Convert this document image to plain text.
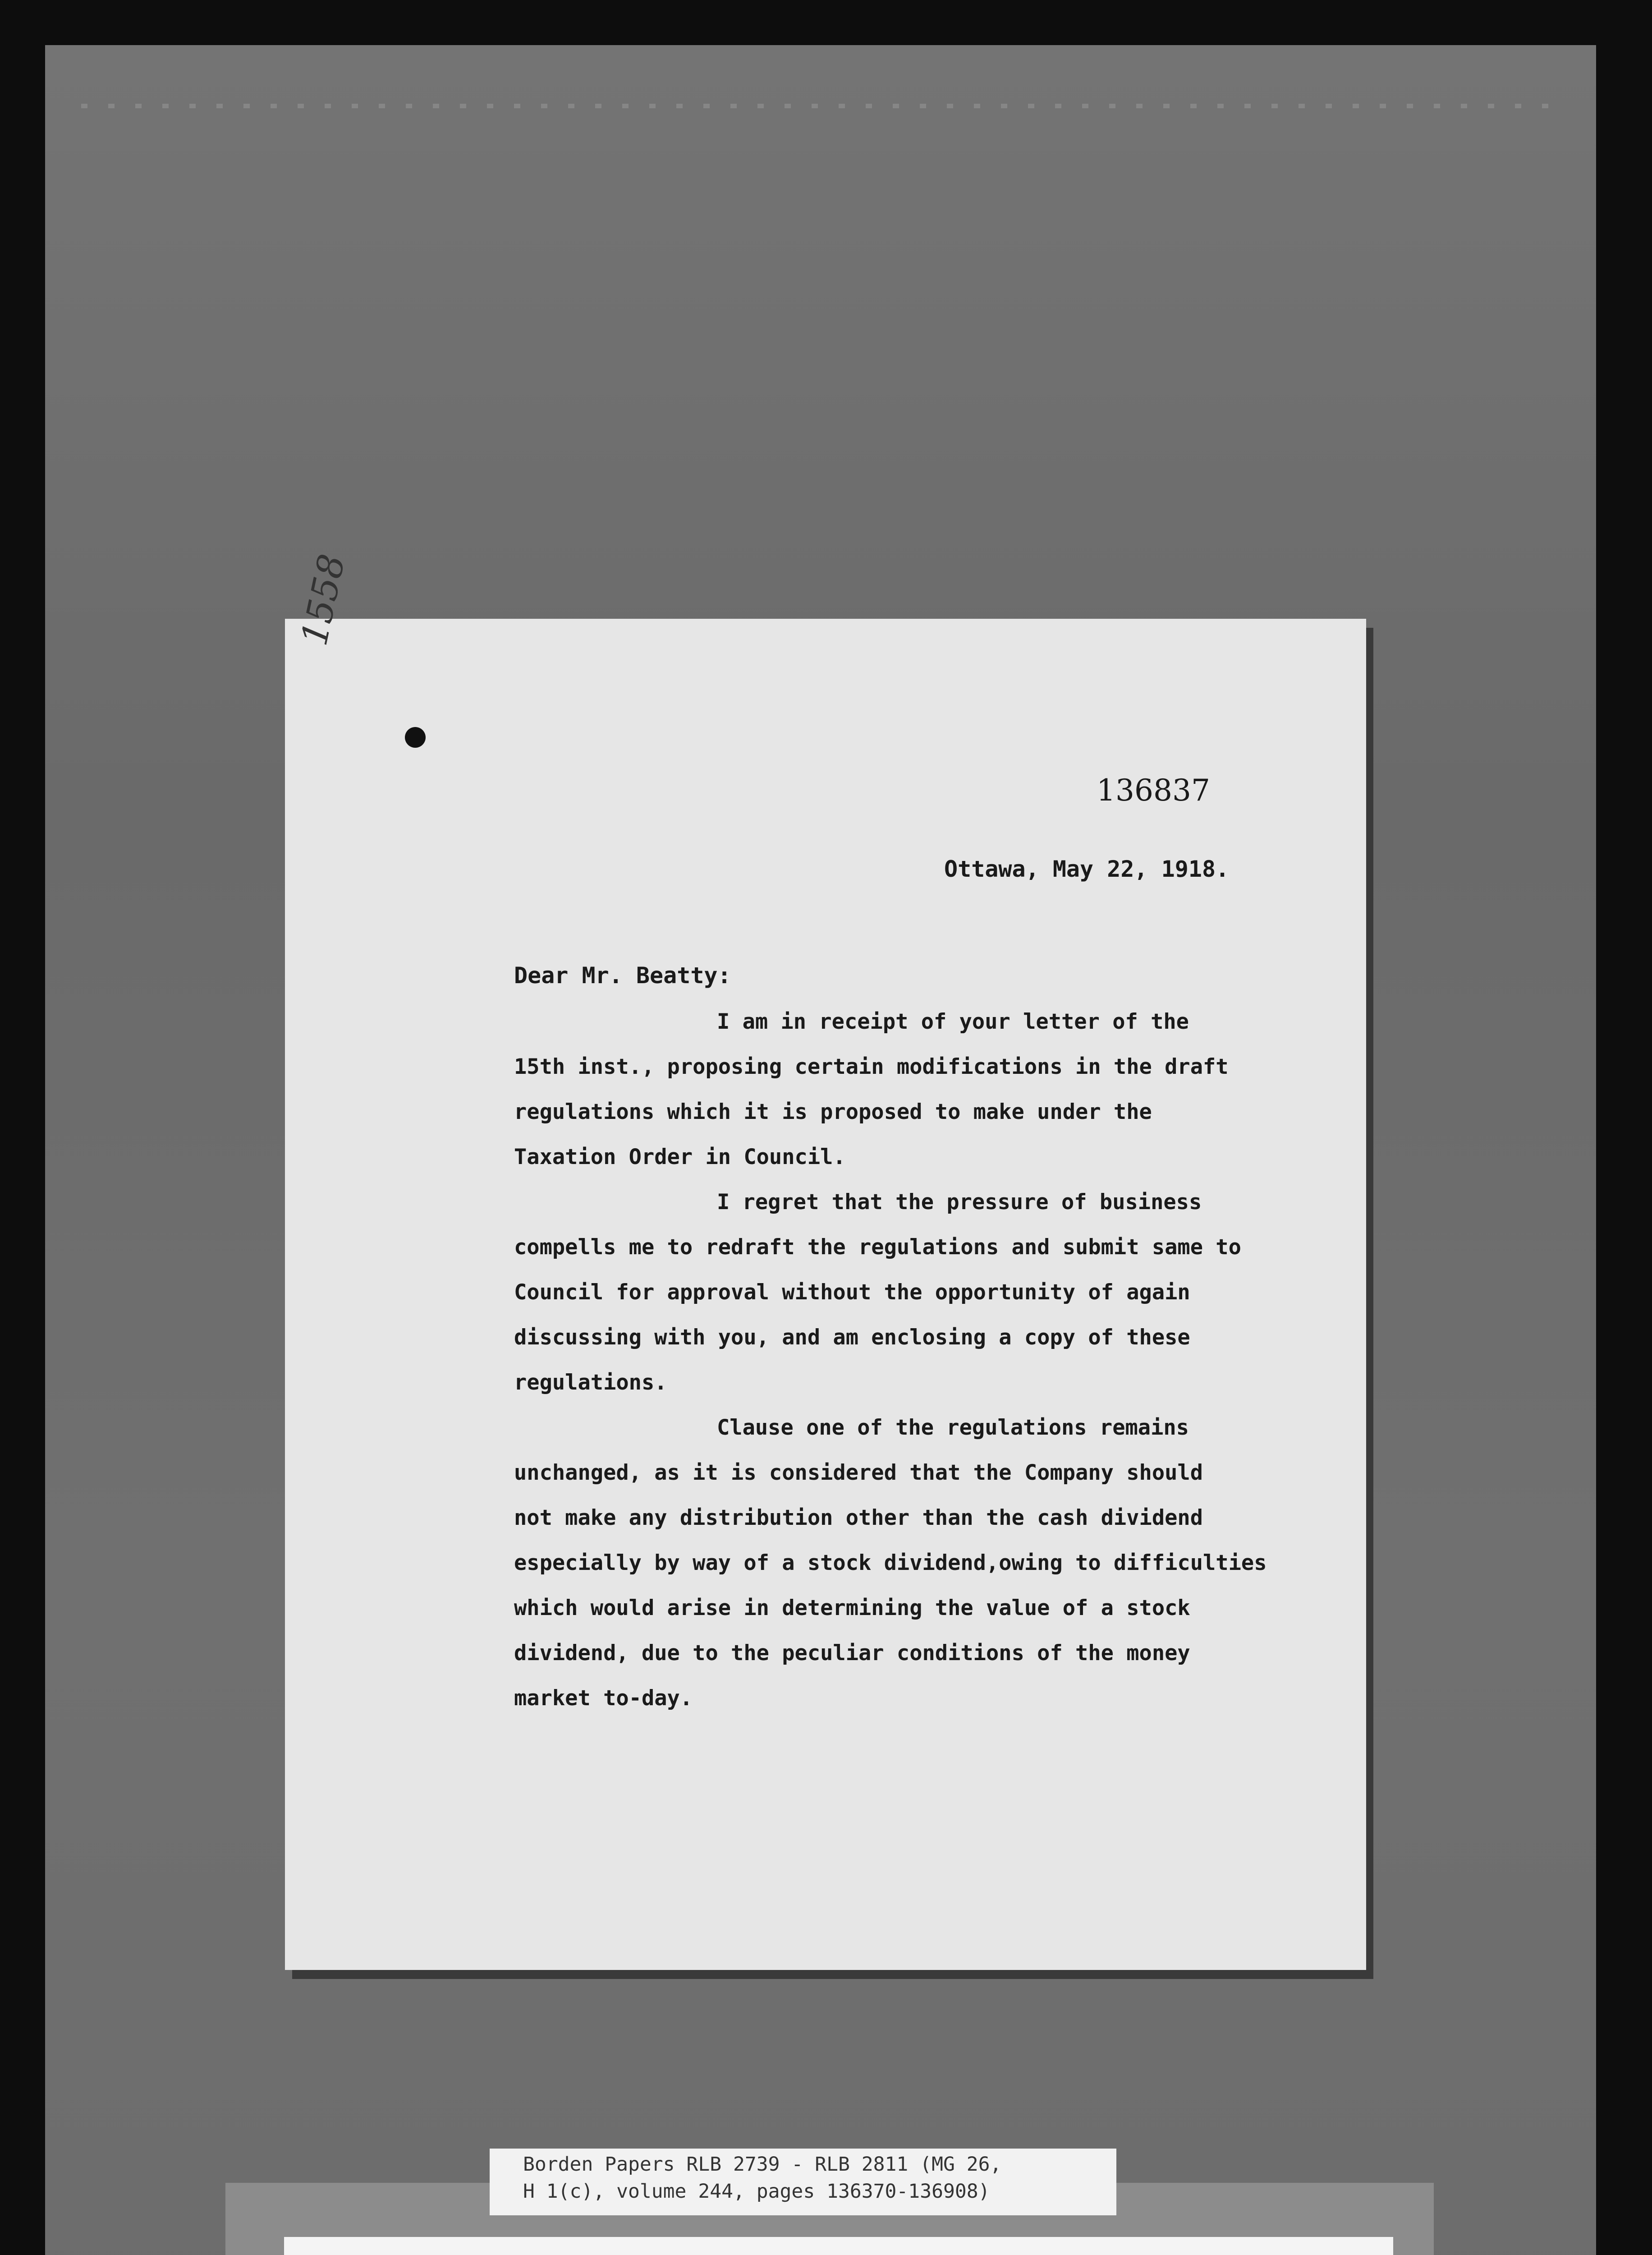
1558
136837
Ottawa, May 22, 1918.
Dear Mr. Beatty:
I am in receipt of your letter of the
15th inst., proposing certain modifications in the draft
regulations which it is proposed to make under the
Taxation Order in Council.
I regret that the pressure of business
compells me to redraft the regulations and submit same to
Council for approval without the opportunity of again
discussing with you, and am enclosing a copy of these
regulations.
Clause one of the regulations remains
unchanged, as it is considered that the Company should
not make any distribution other than the cash dividend
especially by way of a stock dividend,owing to difficulties
which would arise in determining the value of a stock
dividend, due to the peculiar conditions of the money
market to-day.
Borden Papers RLB 2739 - RLB 2811 (MG 26,
H 1(c), volume 244, pages 136370-136908)
